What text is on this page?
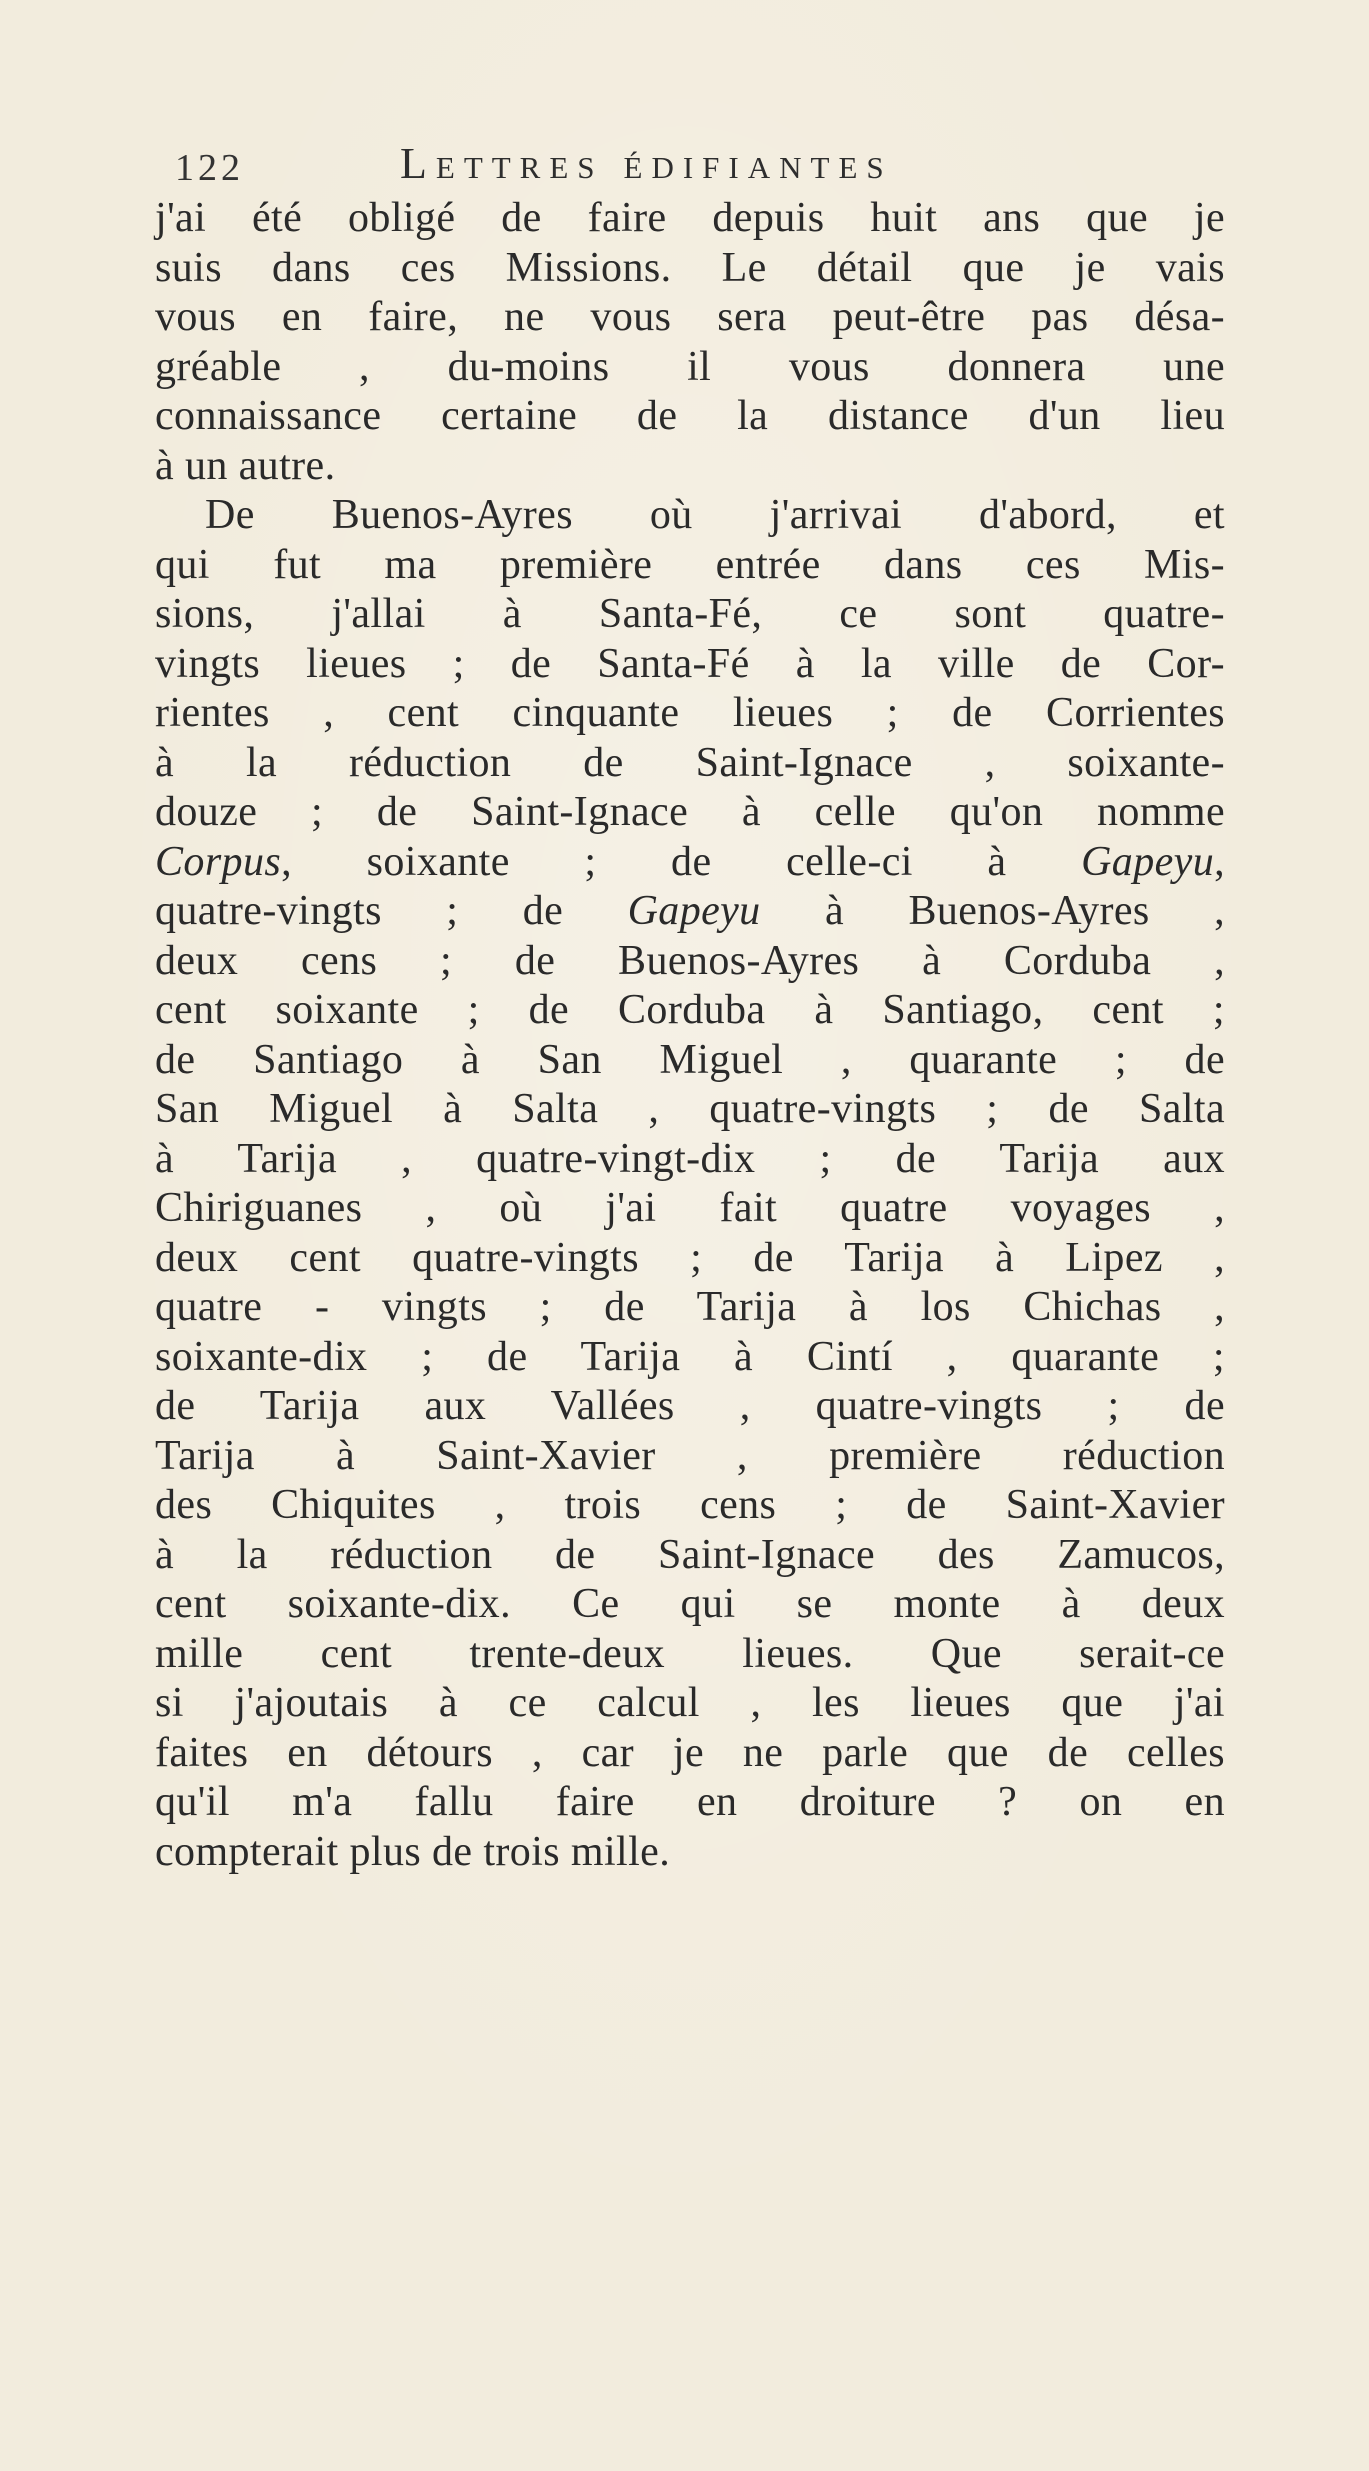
122	Lettres édifiantes
j'ai été obligé de faire depuis huit ans que je
suis dans ces Missions. Le détail que je vais
vous en faire, ne vous sera peut-être pas désa-
gréable , du-moins il vous donnera une
connaissance certaine de la distance d'un lieu
à un autre.
De Buenos-Ayres où j'arrivai d'abord, et
qui fut ma première entrée dans ces Mis-
sions, j'allai à Santa-Fé, ce sont quatre-
vingts lieues ; de Santa-Fé à la ville de Cor-
rientes , cent cinquante lieues ; de Corrientes
à la réduction de Saint-Ignace , soixante-
douze ; de Saint-Ignace à celle qu'on nomme
Corpus, soixante ; de celle-ci à Gapeyu,
quatre-vingts ; de Gapeyu à Buenos-Ayres ,
deux cens ; de Buenos-Ayres à Corduba ,
cent soixante ; de Corduba à Santiago, cent ;
de Santiago à San Miguel , quarante ; de
San Miguel à Salta , quatre-vingts ; de Salta
à Tarija , quatre-vingt-dix ; de Tarija aux
Chiriguanes , où j'ai fait quatre voyages ,
deux cent quatre-vingts ; de Tarija à Lipez ,
quatre - vingts ; de Tarija à los Chichas ,
soixante-dix ; de Tarija à Cintí , quarante ;
de Tarija aux Vallées , quatre-vingts ; de
Tarija à Saint-Xavier , première réduction
des Chiquites , trois cens ; de Saint-Xavier
à la réduction de Saint-Ignace des Zamucos,
cent soixante-dix. Ce qui se monte à deux
mille cent trente-deux lieues. Que serait-ce
si j'ajoutais à ce calcul , les lieues que j'ai
faites en détours , car je ne parle que de celles
qu'il m'a fallu faire en droiture ? on en
compterait plus de trois mille.
